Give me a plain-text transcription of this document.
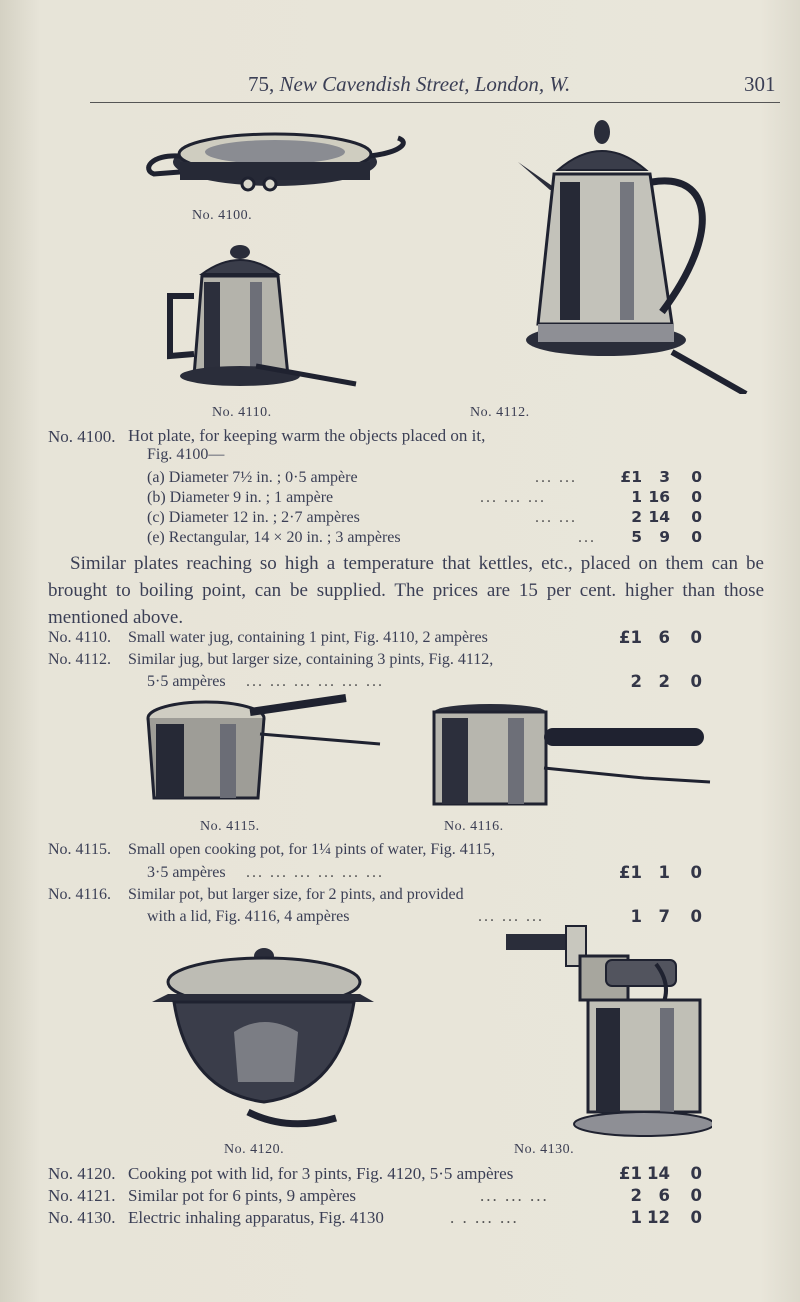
75, New Cavendish Street, London, W.	301
No. 4100.
No. 4110.	No. 4112.
No. 4100. Hot plate, for keeping warm the objects placed on it,
Fig. 4100—
(a) Diameter 7½ in. ; 0·5 ampère	... ...	£1 3 0
(b) Diameter 9 in. ; 1 ampère	... ... ...	1 16 0
(c) Diameter 12 in. ; 2·7 ampères	... ...	2 14 0
(e) Rectangular, 14 × 20 in. ; 3 ampères	...	5 9 0
Similar plates reaching so high a temperature that kettles, etc., placed on them can be brought to boiling point, can be supplied. The prices are 15 per cent. higher than those mentioned above.
No. 4110. Small water jug, containing 1 pint, Fig. 4110, 2 ampères	£1 6 0
No. 4112. Similar jug, but larger size, containing 3 pints, Fig. 4112,
5·5 ampères ... ... ... ... ... ...	2 2 0
No. 4115.	No. 4116.
No. 4115. Small open cooking pot, for 1¼ pints of water, Fig. 4115,
3·5 ampères ... ... ... ... ... ...	£1 1 0
No. 4116. Similar pot, but larger size, for 2 pints, and provided
with a lid, Fig. 4116, 4 ampères	... ... ...	1 7 0
No. 4120.	No. 4130.
No. 4120. Cooking pot with lid, for 3 pints, Fig. 4120, 5·5 ampères	£1 14 0
No. 4121. Similar pot for 6 pints, 9 ampères	... ... ...	2 6 0
No. 4130. Electric inhaling apparatus, Fig. 4130	. . ... ...	1 12 0
